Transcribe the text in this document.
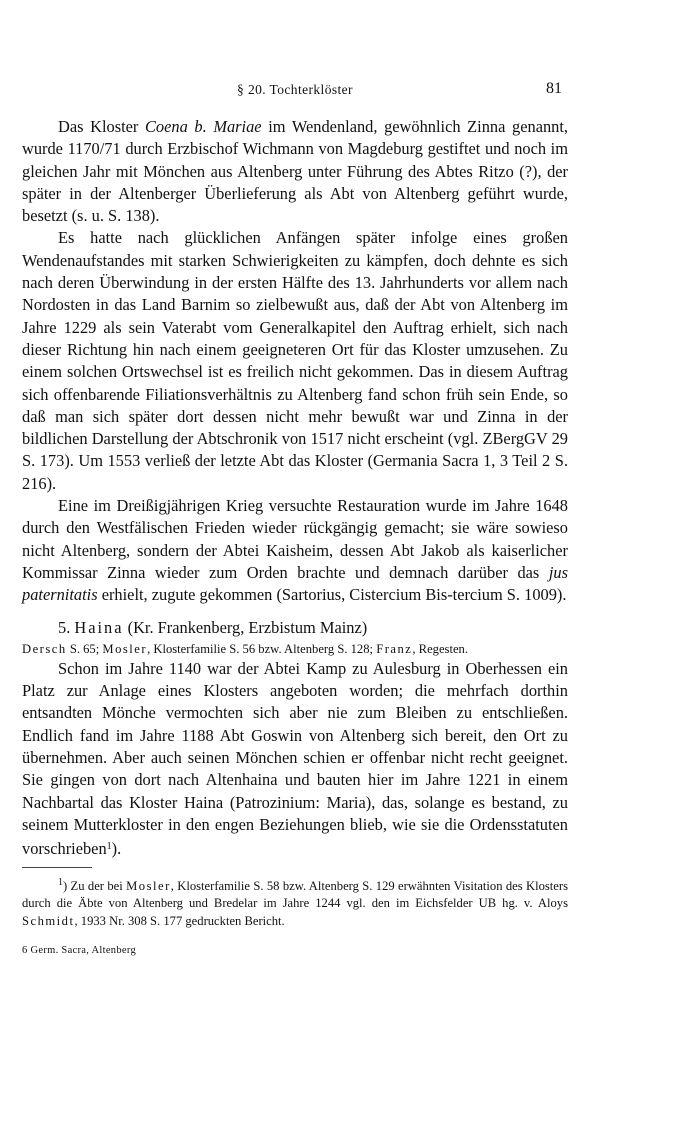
§ 20. Tochterklöster	81

Das Kloster Coena b. Mariae im Wendenland, gewöhnlich Zinna genannt, wurde 1170/71 durch Erzbischof Wichmann von Magdeburg gestiftet und noch im gleichen Jahr mit Mönchen aus Altenberg unter Führung des Abtes Ritzo (?), der später in der Altenberger Überlieferung als Abt von Altenberg geführt wurde, besetzt (s. u. S. 138).

Es hatte nach glücklichen Anfängen später infolge eines großen Wendenaufstandes mit starken Schwierigkeiten zu kämpfen, doch dehnte es sich nach deren Überwindung in der ersten Hälfte des 13. Jahrhunderts vor allem nach Nordosten in das Land Barnim so zielbewußt aus, daß der Abt von Altenberg im Jahre 1229 als sein Vaterabt vom Generalkapitel den Auftrag erhielt, sich nach dieser Richtung hin nach einem geeigneteren Ort für das Kloster umzusehen. Zu einem solchen Ortswechsel ist es freilich nicht gekommen. Das in diesem Auftrag sich offenbarende Filiationsverhältnis zu Altenberg fand schon früh sein Ende, so daß man sich später dort dessen nicht mehr bewußt war und Zinna in der bildlichen Darstellung der Abtschronik von 1517 nicht erscheint (vgl. ZBergGV 29 S. 173). Um 1553 verließ der letzte Abt das Kloster (Germania Sacra 1, 3 Teil 2 S. 216).

Eine im Dreißigjährigen Krieg versuchte Restauration wurde im Jahre 1648 durch den Westfälischen Frieden wieder rückgängig gemacht; sie wäre sowieso nicht Altenberg, sondern der Abtei Kaisheim, dessen Abt Jakob als kaiserlicher Kommissar Zinna wieder zum Orden brachte und demnach darüber das jus paternitatis erhielt, zugute gekommen (Sartorius, Cistercium Bis-tercium S. 1009).

5. Haina (Kr. Frankenberg, Erzbistum Mainz)
Dersch S. 65; Mosler, Klosterfamilie S. 56 bzw. Altenberg S. 128; Franz, Regesten.

Schon im Jahre 1140 war der Abtei Kamp zu Aulesburg in Oberhessen ein Platz zur Anlage eines Klosters angeboten worden; die mehrfach dorthin entsandten Mönche vermochten sich aber nie zum Bleiben zu entschließen. Endlich fand im Jahre 1188 Abt Goswin von Altenberg sich bereit, den Ort zu übernehmen. Aber auch seinen Mönchen schien er offenbar nicht recht geeignet. Sie gingen von dort nach Altenhaina und bauten hier im Jahre 1221 in einem Nachbartal das Kloster Haina (Patrozinium: Maria), das, solange es bestand, zu seinem Mutterkloster in den engen Beziehungen blieb, wie sie die Ordensstatuten vorschrieben$^1$).

$^1$) Zu der bei Mosler, Klosterfamilie S. 58 bzw. Altenberg S. 129 erwähnten Visitation des Klosters durch die Äbte von Altenberg und Bredelar im Jahre 1244 vgl. den im Eichsfelder UB hg. v. Aloys Schmidt, 1933 Nr. 308 S. 177 gedruckten Bericht.

6 Germ. Sacra, Altenberg
